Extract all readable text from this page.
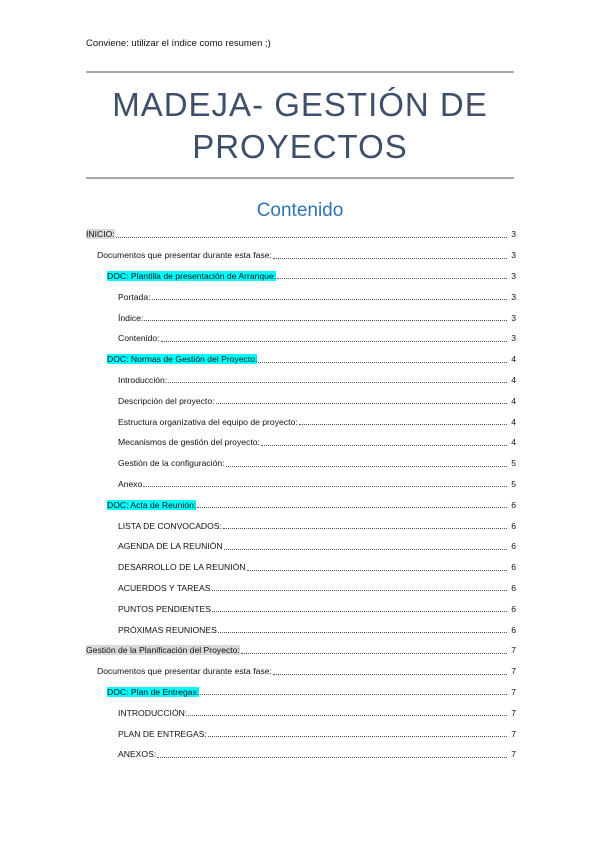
Conviene: utilizar el índice como resumen ;)
MADEJA- GESTIÓN DE
PROYECTOS
Contenido
INICIO:	3
Documentos que presentar durante esta fase:	3
DOC: Plantilla de presentación de Arranque:	3
Portada:	3
Índice:	3
Contenido:	3
DOC: Normas de Gestión del Proyecto:	4
Introducción:	4
Descripción del proyecto:	4
Estructura organizativa del equipo de proyecto:	4
Mecanismos de gestión del proyecto:	4
Gestión de la configuración:	5
Anexo	5
DOC: Acta de Reunión:	6
LISTA DE CONVOCADOS:	6
AGENDA DE LA REUNIÓN	6
DESARROLLO DE LA REUNIÓN	6
ACUERDOS Y TAREAS	6
PUNTOS PENDIENTES	6
PRÓXIMAS REUNIONES	6
Gestión de la Planificación del Proyecto:	7
Documentos que presentar durante esta fase:	7
DOC: Plan de Entregas:	7
INTRODUCCIÓN:	7
PLAN DE ENTREGAS:	7
ANEXOS:	7
